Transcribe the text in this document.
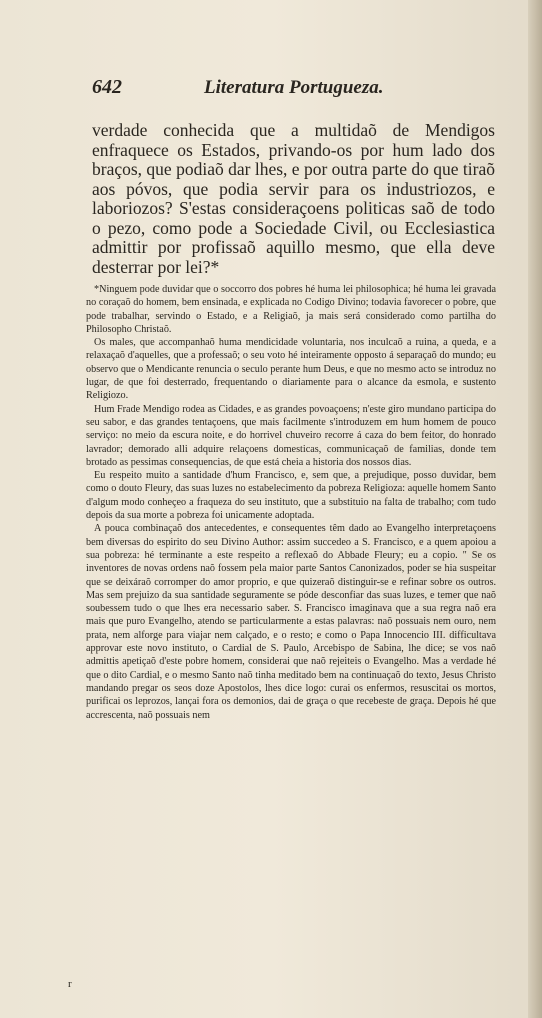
642	Literatura Portugueza.

verdade conhecida que a multidaõ de Mendigos enfraquece os Estados, privando-os por hum lado dos braços, que podiaõ dar lhes, e por outra parte do que tiraõ aos póvos, que podia servir para os industriozos, e laboriozos? S'estas consideraçoens politicas saõ de todo o pezo, como pode a Sociedade Civil, ou Ecclesiastica admittir por profissaõ aquillo mesmo, que ella deve desterrar por lei?*

*Ninguem pode duvidar que o soccorro dos pobres hé huma lei philosophica; hé huma lei gravada no coraçaõ do homem, bem ensinada, e explicada no Codigo Divino; todavia favorecer o pobre, que pode trabalhar, servindo o Estado, e a Religiaõ, ja mais será considerado como partilha do Philosopho Christaõ.

Os males, que accompanhaõ huma mendicidade voluntaria, nos inculcaõ a ruina, a queda, e a relaxaçaõ d'aquelles, que a professaõ; o seu voto hé inteiramente opposto á separaçaõ do mundo; eu observo que o Mendicante renuncia o seculo perante hum Deus, e que no mesmo acto se introduz no lugar, de que foi desterrado, frequentando o diariamente para o alcance da esmola, e sustento Religiozo.

Hum Frade Mendigo rodea as Cidades, e as grandes povoaçoens; n'este giro mundano participa do seu sabor, e das grandes tentaçoens, que mais facilmente s'introduzem em hum homem de pouco serviço: no meio da escura noite, e do horrivel chuveiro recorre á caza do bem feitor, do honrado lavrador; demorado alli adquire relaçoens domesticas, communicaçaõ de familias, donde tem brotado as pessimas consequencias, de que está cheia a historia dos nossos dias.

Eu respeito muito a santidade d'hum Francisco, e, sem que, a prejudique, posso duvidar, bem como o douto Fleury, das suas luzes no estabelecimento da pobreza Religioza: aquelle homem Santo d'algum modo conheçeo a fraqueza do seu instituto, que a substituio na falta de trabalho; com tudo depois da sua morte a pobreza foi unicamente adoptada.

A pouca combinaçaõ dos antecedentes, e consequentes têm dado ao Evangelho interpretaçoens bem diversas do espirito do seu Divino Author: assim succedeo a S. Francisco, e a quem apoiou a sua pobreza: hé terminante a este respeito a reflexaõ do Abbade Fleury; eu a copio. " Se os inventores de novas ordens naõ fossem pela maior parte Santos Canonizados, poder se hia suspeitar que se deixáraõ corromper do amor proprio, e que quizeraõ distinguir-se e refinar sobre os outros. Mas sem prejuizo da sua santidade seguramente se póde desconfiar das suas luzes, e temer que naõ soubessem tudo o que lhes era necessario saber. S. Francisco imaginava que a sua regra naõ era mais que puro Evangelho, atendo se particularmente a estas palavras: naõ possuais nem ouro, nem prata, nem alforge para viajar nem calçado, e o resto; e como o Papa Innocencio III. difficultava approvar este novo instituto, o Cardial de S. Paulo, Arcebispo de Sabina, lhe dice; se vos naõ admittis apetiçaõ d'este pobre homem, considerai que naõ rejeiteis o Evangelho. Mas a verdade hé que o dito Cardial, e o mesmo Santo naõ tinha meditado bem na continuaçaõ do texto, Jesus Christo mandando pregar os seos doze Apostolos, lhes dice logo: curai os enfermos, resuscitai os mortos, purificai os leprozos, lançai fora os demonios, dai de graça o que recebeste de graça. Depois hé que accrescenta, naõ possuais nem

r
